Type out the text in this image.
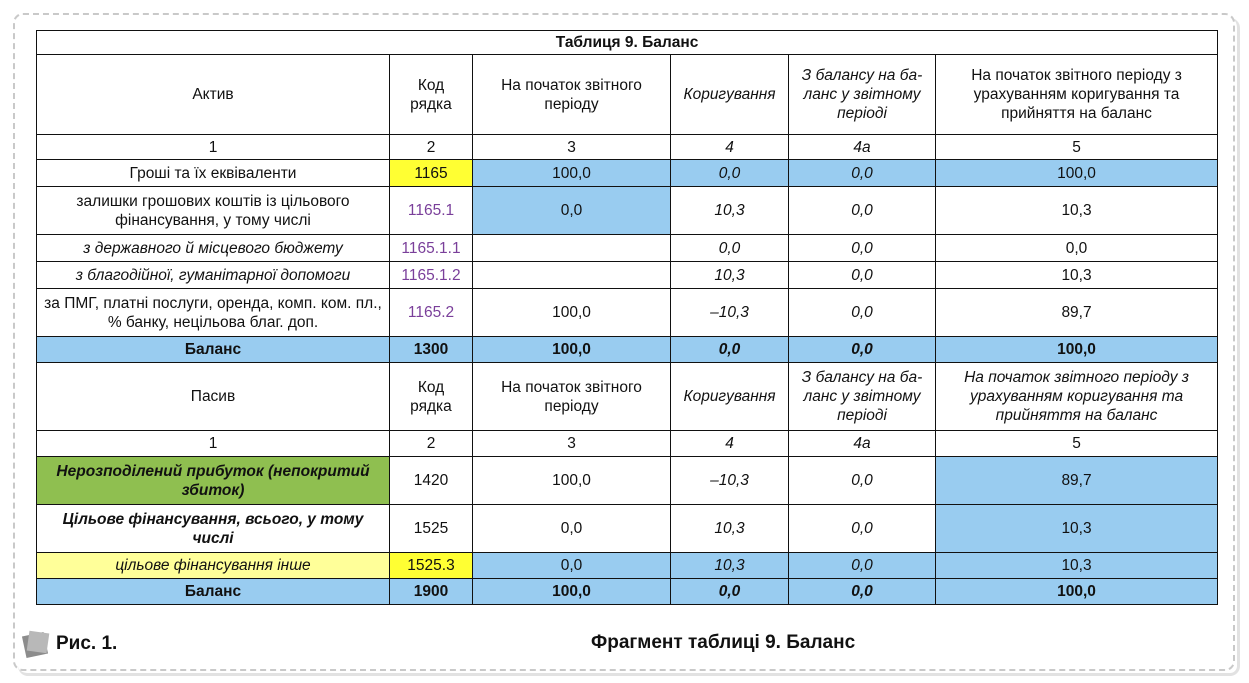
Таблиця 9. Баланс					
Актив	Код рядка	На початок звітного періоду	Коригування	З балансу на ба-лaнс у звітному періоді	На початок звітного періоду з урахуванням коригування та прийняття на баланс
1	2	3	4	4а	5
Гроші та їх еквіваленти	1165	100,0	0,0	0,0	100,0
залишки грошових коштів із цільового фінансування, у тому числі	1165.1	0,0	10,3	0,0	10,3
з державного й місцевого бюджету	1165.1.1		0,0	0,0	0,0
з благодійної, гуманітарної допомоги	1165.1.2		10,3	0,0	10,3
за ПМГ, платні послуги, оренда, комп. ком. пл., % банку, нецільова благ. доп.	1165.2	100,0	–10,3	0,0	89,7
Баланс	1300	100,0	0,0	0,0	100,0
Пасив	Код рядка	На початок звітного періоду	Коригування	З балансу на ба-лaнс у звітному періоді	На початок звітного періоду з урахуванням коригування та прийняття на баланс
1	2	3	4	4а	5
Нерозподілений прибуток (непокритий збиток)	1420	100,0	–10,3	0,0	89,7
Цільове фінансування, всього, у тому числі	1525	0,0	10,3	0,0	10,3
цільове фінансування інше	1525.3	0,0	10,3	0,0	10,3
Баланс	1900	100,0	0,0	0,0	100,0
Рис. 1.	Фрагмент таблиці 9. Баланс
